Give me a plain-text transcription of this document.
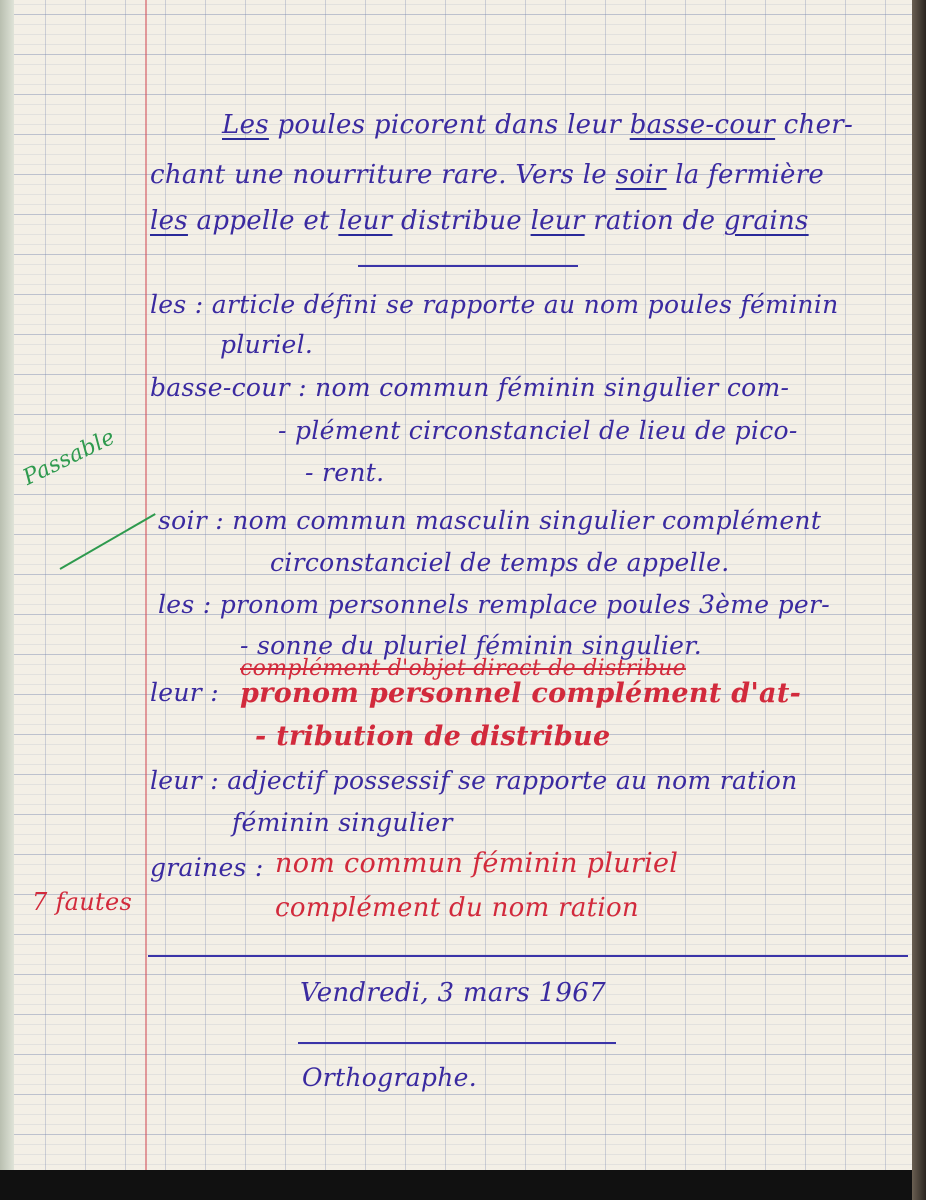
Les poules picorent dans leur basse-cour cher-
chant une nourriture rare. Vers le soir la fermière
les appelle et leur distribue leur ration de grains
les : article défini se rapporte au nom poules féminin
pluriel.
basse-cour : nom commun féminin singulier com-
- plément circonstanciel de lieu de pico-
- rent.
soir : nom commun masculin singulier complément
circonstanciel de temps de appelle.
les : pronom personnels remplace poules 3ème per-
- sonne du pluriel féminin singulier.
leur :
complément d'objet direct de distribue
pronom personnel complément d'at-
- tribution de distribue
leur : adjectif possessif se rapporte au nom ration
féminin singulier
graines : nom commun féminin pluriel
complément du nom ration
Passable
7 fautes
Vendredi, 3 mars 1967
Orthographe.
